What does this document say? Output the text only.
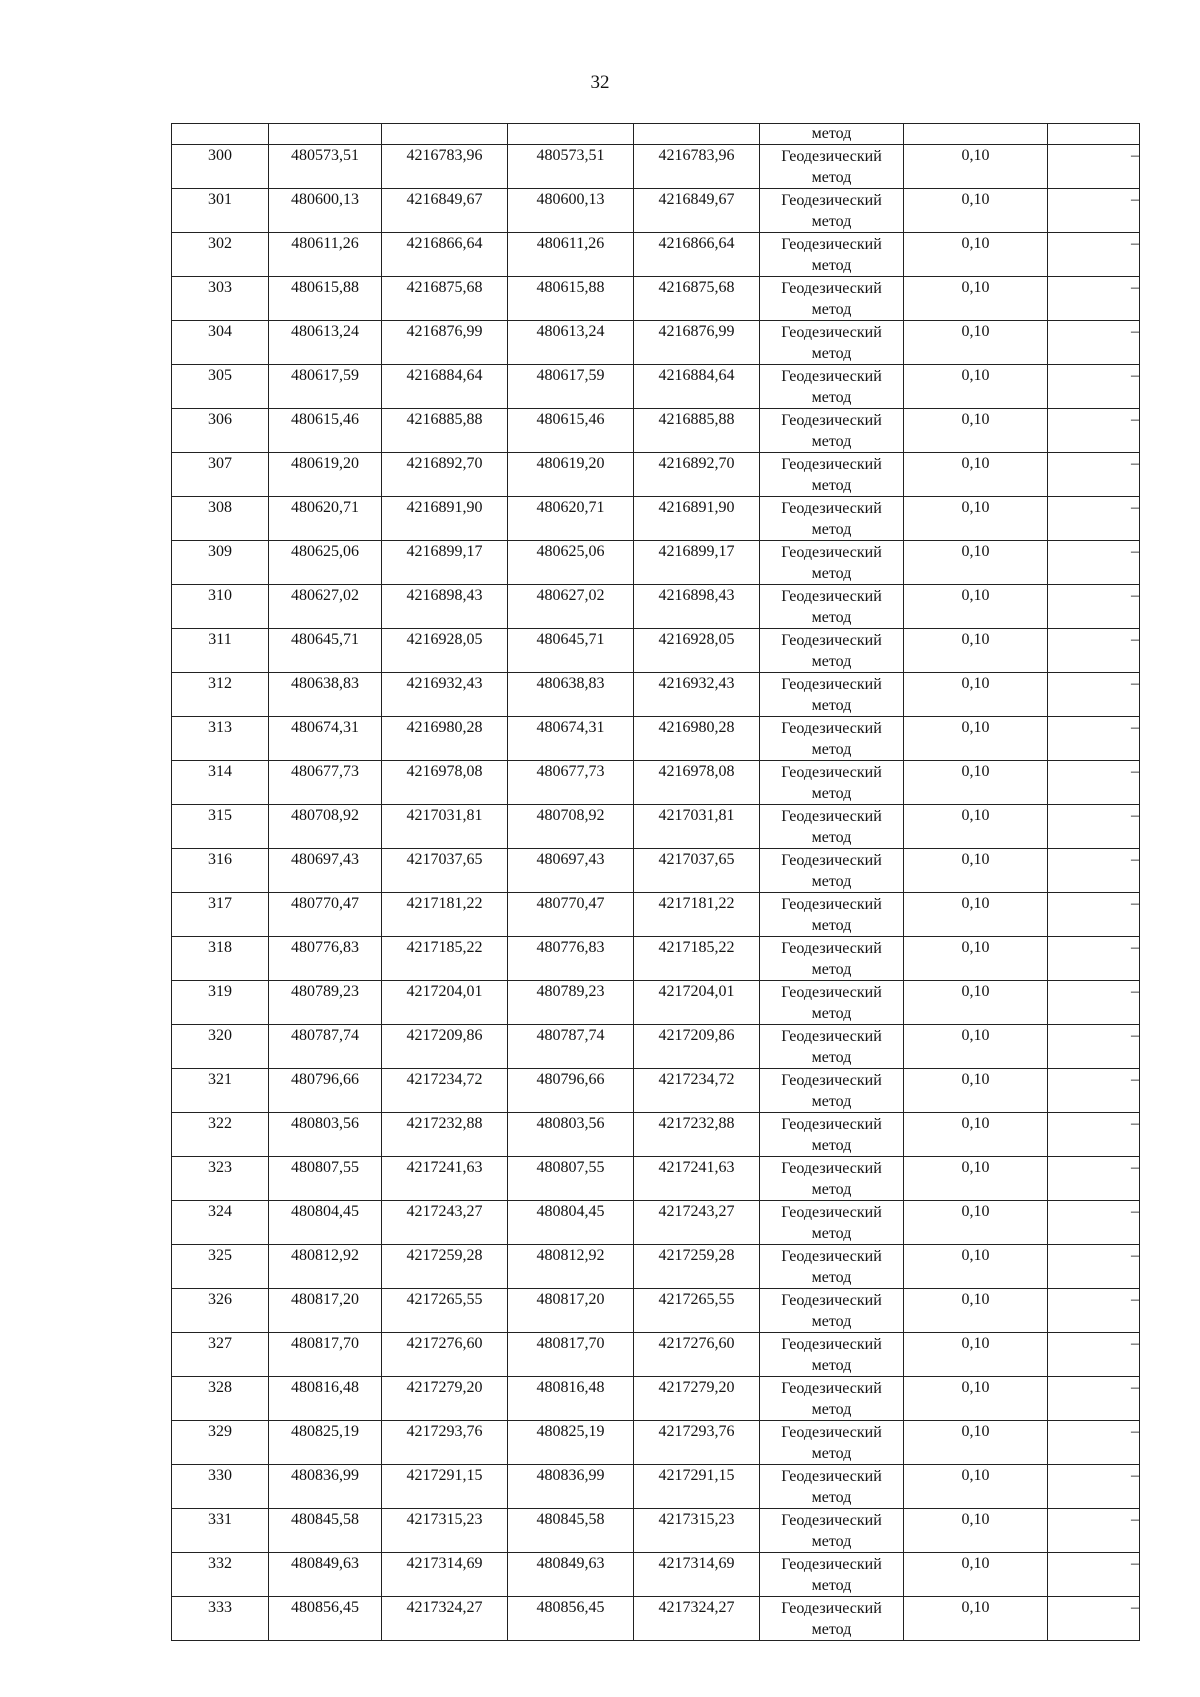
32
					метод		
300	480573,51	4216783,96	480573,51	4216783,96	Геодезический
метод	0,10	–
301	480600,13	4216849,67	480600,13	4216849,67	Геодезический
метод	0,10	–
302	480611,26	4216866,64	480611,26	4216866,64	Геодезический
метод	0,10	–
303	480615,88	4216875,68	480615,88	4216875,68	Геодезический
метод	0,10	–
304	480613,24	4216876,99	480613,24	4216876,99	Геодезический
метод	0,10	–
305	480617,59	4216884,64	480617,59	4216884,64	Геодезический
метод	0,10	–
306	480615,46	4216885,88	480615,46	4216885,88	Геодезический
метод	0,10	–
307	480619,20	4216892,70	480619,20	4216892,70	Геодезический
метод	0,10	–
308	480620,71	4216891,90	480620,71	4216891,90	Геодезический
метод	0,10	–
309	480625,06	4216899,17	480625,06	4216899,17	Геодезический
метод	0,10	–
310	480627,02	4216898,43	480627,02	4216898,43	Геодезический
метод	0,10	–
311	480645,71	4216928,05	480645,71	4216928,05	Геодезический
метод	0,10	–
312	480638,83	4216932,43	480638,83	4216932,43	Геодезический
метод	0,10	–
313	480674,31	4216980,28	480674,31	4216980,28	Геодезический
метод	0,10	–
314	480677,73	4216978,08	480677,73	4216978,08	Геодезический
метод	0,10	–
315	480708,92	4217031,81	480708,92	4217031,81	Геодезический
метод	0,10	–
316	480697,43	4217037,65	480697,43	4217037,65	Геодезический
метод	0,10	–
317	480770,47	4217181,22	480770,47	4217181,22	Геодезический
метод	0,10	–
318	480776,83	4217185,22	480776,83	4217185,22	Геодезический
метод	0,10	–
319	480789,23	4217204,01	480789,23	4217204,01	Геодезический
метод	0,10	–
320	480787,74	4217209,86	480787,74	4217209,86	Геодезический
метод	0,10	–
321	480796,66	4217234,72	480796,66	4217234,72	Геодезический
метод	0,10	–
322	480803,56	4217232,88	480803,56	4217232,88	Геодезический
метод	0,10	–
323	480807,55	4217241,63	480807,55	4217241,63	Геодезический
метод	0,10	–
324	480804,45	4217243,27	480804,45	4217243,27	Геодезический
метод	0,10	–
325	480812,92	4217259,28	480812,92	4217259,28	Геодезический
метод	0,10	–
326	480817,20	4217265,55	480817,20	4217265,55	Геодезический
метод	0,10	–
327	480817,70	4217276,60	480817,70	4217276,60	Геодезический
метод	0,10	–
328	480816,48	4217279,20	480816,48	4217279,20	Геодезический
метод	0,10	–
329	480825,19	4217293,76	480825,19	4217293,76	Геодезический
метод	0,10	–
330	480836,99	4217291,15	480836,99	4217291,15	Геодезический
метод	0,10	–
331	480845,58	4217315,23	480845,58	4217315,23	Геодезический
метод	0,10	–
332	480849,63	4217314,69	480849,63	4217314,69	Геодезический
метод	0,10	–
333	480856,45	4217324,27	480856,45	4217324,27	Геодезический
метод	0,10	–
